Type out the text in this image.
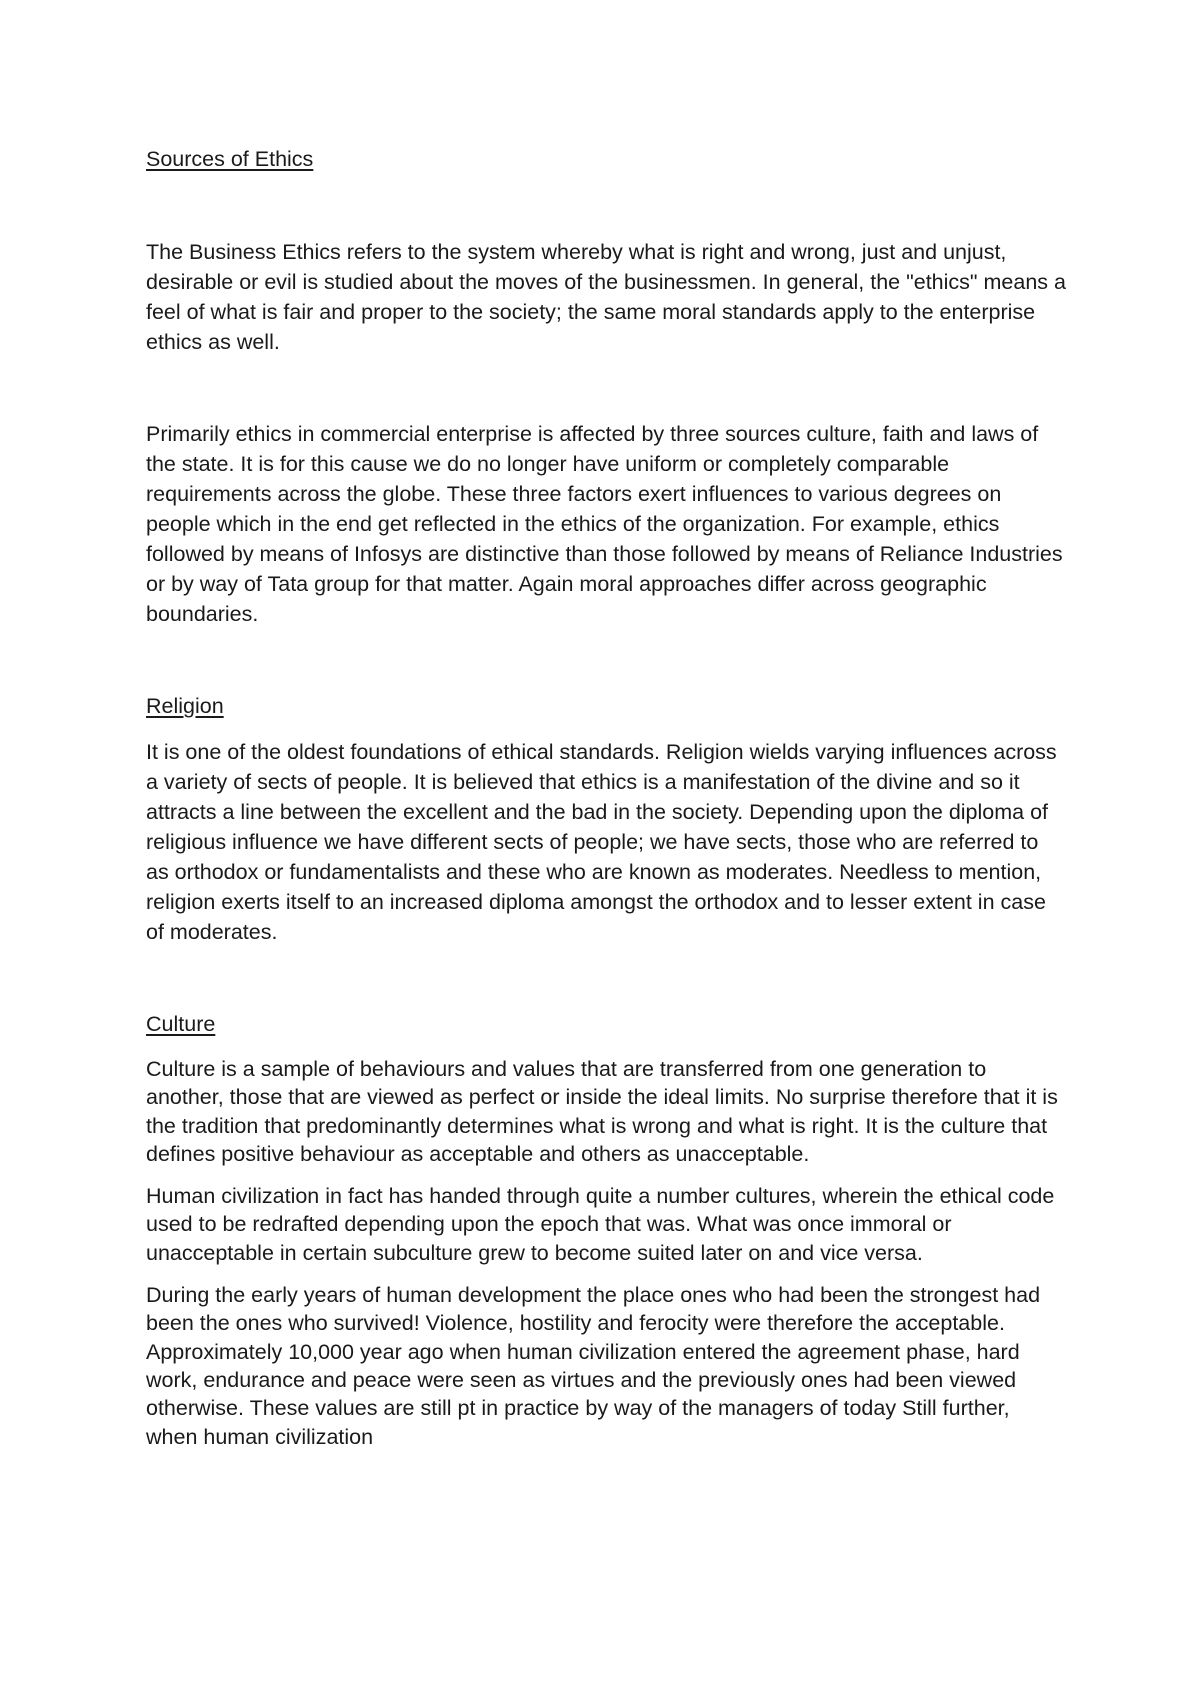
Sources of Ethics

The Business Ethics refers to the system whereby what is right and wrong, just and unjust, desirable or evil is studied about the moves of the businessmen. In general, the "ethics" means a feel of what is fair and proper to the society; the same moral standards apply to the enterprise ethics as well.

Primarily ethics in commercial enterprise is affected by three sources culture, faith and laws of the state. It is for this cause we do no longer have uniform or completely comparable requirements across the globe. These three factors exert influences to various degrees on people which in the end get reflected in the ethics of the organization. For example, ethics followed by means of Infosys are distinctive than those followed by means of Reliance Industries or by way of Tata group for that matter. Again moral approaches differ across geographic boundaries.

Religion

It is one of the oldest foundations of ethical standards. Religion wields varying influences across a variety of sects of people. It is believed that ethics is a manifestation of the divine and so it attracts a line between the excellent and the bad in the society. Depending upon the diploma of religious influence we have different sects of people; we have sects, those who are referred to as orthodox or fundamentalists and these who are known as moderates. Needless to mention, religion exerts itself to an increased diploma amongst the orthodox and to lesser extent in case of moderates.

Culture

Culture is a sample of behaviours and values that are transferred from one generation to another, those that are viewed as perfect or inside the ideal limits. No surprise therefore that it is the tradition that predominantly determines what is wrong and what is right. It is the culture that defines positive behaviour as acceptable and others as unacceptable.

Human civilization in fact has handed through quite a number cultures, wherein the ethical code used to be redrafted depending upon the epoch that was. What was once immoral or unacceptable in certain subculture grew to become suited later on and vice versa.

During the early years of human development the place ones who had been the strongest had been the ones who survived! Violence, hostility and ferocity were therefore the acceptable. Approximately 10,000 year ago when human civilization entered the agreement phase, hard work, endurance and peace were seen as virtues and the previously ones had been viewed otherwise. These values are still pt in practice by way of the managers of today Still further, when human civilization
